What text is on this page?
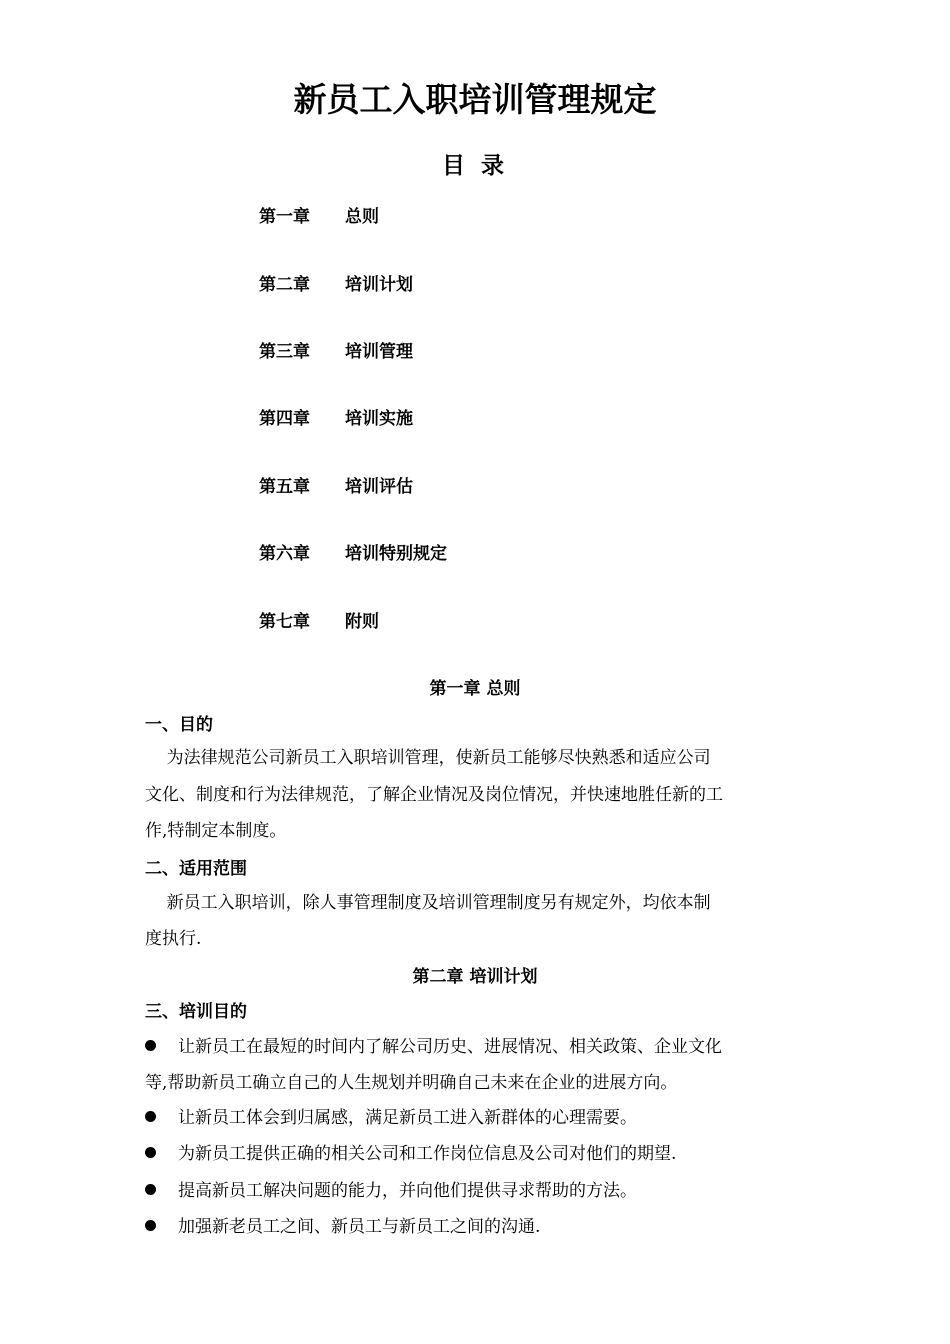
新员工入职培训管理规定
目 录
第一章 总则
第二章 培训计划
第三章 培训管理
第四章 培训实施
第五章 培训评估
第六章 培训特别规定
第七章 附则
第一章 总则
一、目的
为法律规范公司新员工入职培训管理，使新员工能够尽快熟悉和适应公司
文化、制度和行为法律规范，了解企业情况及岗位情况，并快速地胜任新的工
作,特制定本制度。
二、适用范围
新员工入职培训，除人事管理制度及培训管理制度另有规定外，均依本制
度执行.
第二章 培训计划
三、培训目的
让新员工在最短的时间内了解公司历史、进展情况、相关政策、企业文化
等,帮助新员工确立自己的人生规划并明确自己未来在企业的进展方向。
让新员工体会到归属感，满足新员工进入新群体的心理需要。
为新员工提供正确的相关公司和工作岗位信息及公司对他们的期望.
提高新员工解决问题的能力，并向他们提供寻求帮助的方法。
加强新老员工之间、新员工与新员工之间的沟通.
